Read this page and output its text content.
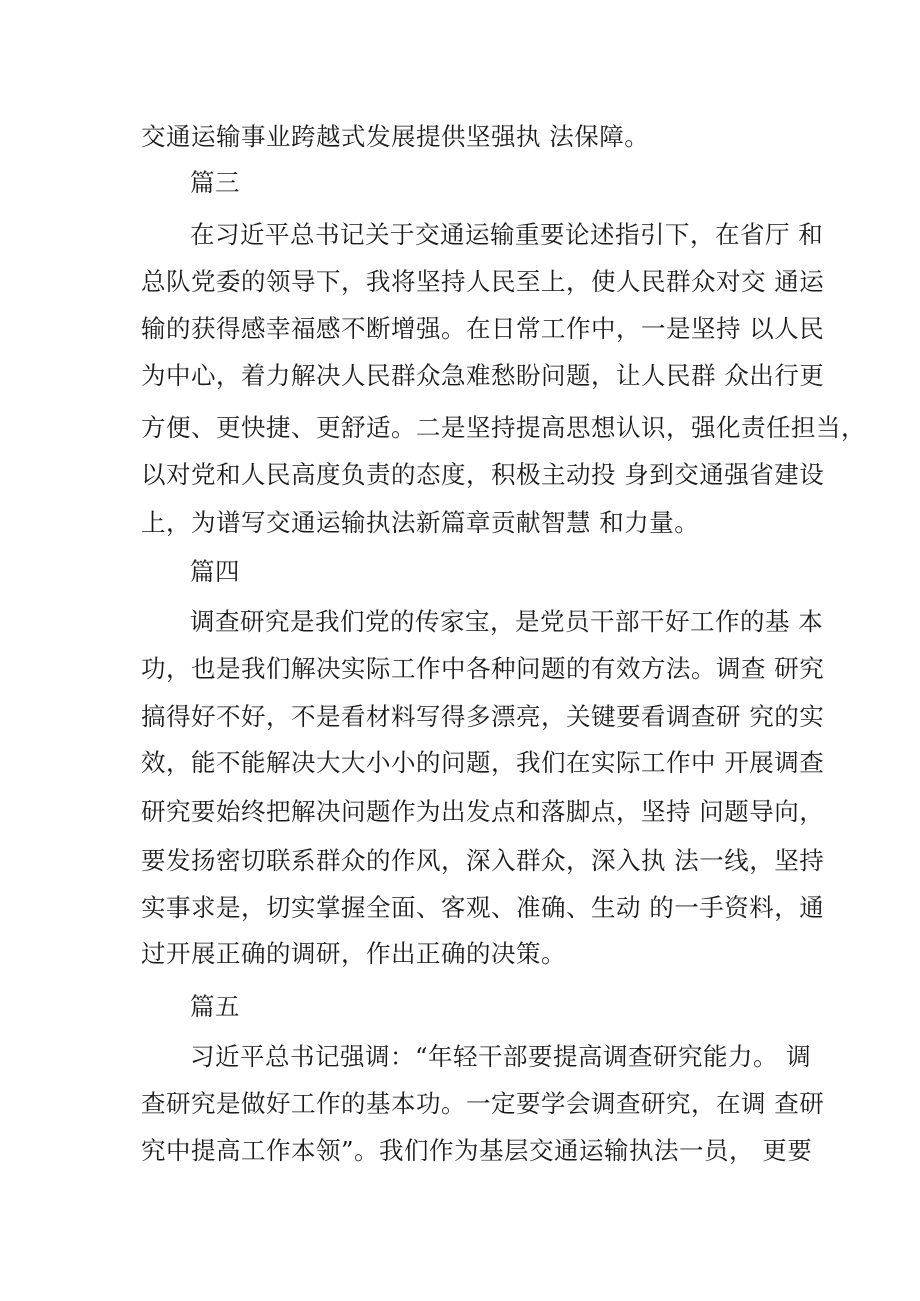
交通运输事业跨越式发展提供坚强执 法保障。
篇三
在习近平总书记关于交通运输重要论述指引下，在省厅 和
总队党委的领导下，我将坚持人民至上，使人民群众对交 通运
输的获得感幸福感不断增强。在日常工作中，一是坚持 以人民
为中心，着力解决人民群众急难愁盼问题，让人民群 众出行更
方便、更快捷、更舒适。二是坚持提高思想认识，强化责任担当，
以对党和人民高度负责的态度，积极主动投 身到交通强省建设
上，为谱写交通运输执法新篇章贡献智慧 和力量。
篇四
调查研究是我们党的传家宝，是党员干部干好工作的基 本
功，也是我们解决实际工作中各种问题的有效方法。调查 研究
搞得好不好，不是看材料写得多漂亮，关键要看调查研 究的实
效，能不能解决大大小小的问题，我们在实际工作中 开展调查
研究要始终把解决问题作为出发点和落脚点，坚持 问题导向，
要发扬密切联系群众的作风，深入群众，深入执 法一线，坚持
实事求是，切实掌握全面、客观、准确、生动 的一手资料，通
过开展正确的调研，作出正确的决策。
篇五
习近平总书记强调：“年轻干部要提高调查研究能力。 调
查研究是做好工作的基本功。一定要学会调查研究，在调 查研
究中提高工作本领”。我们作为基层交通运输执法一员， 更要
